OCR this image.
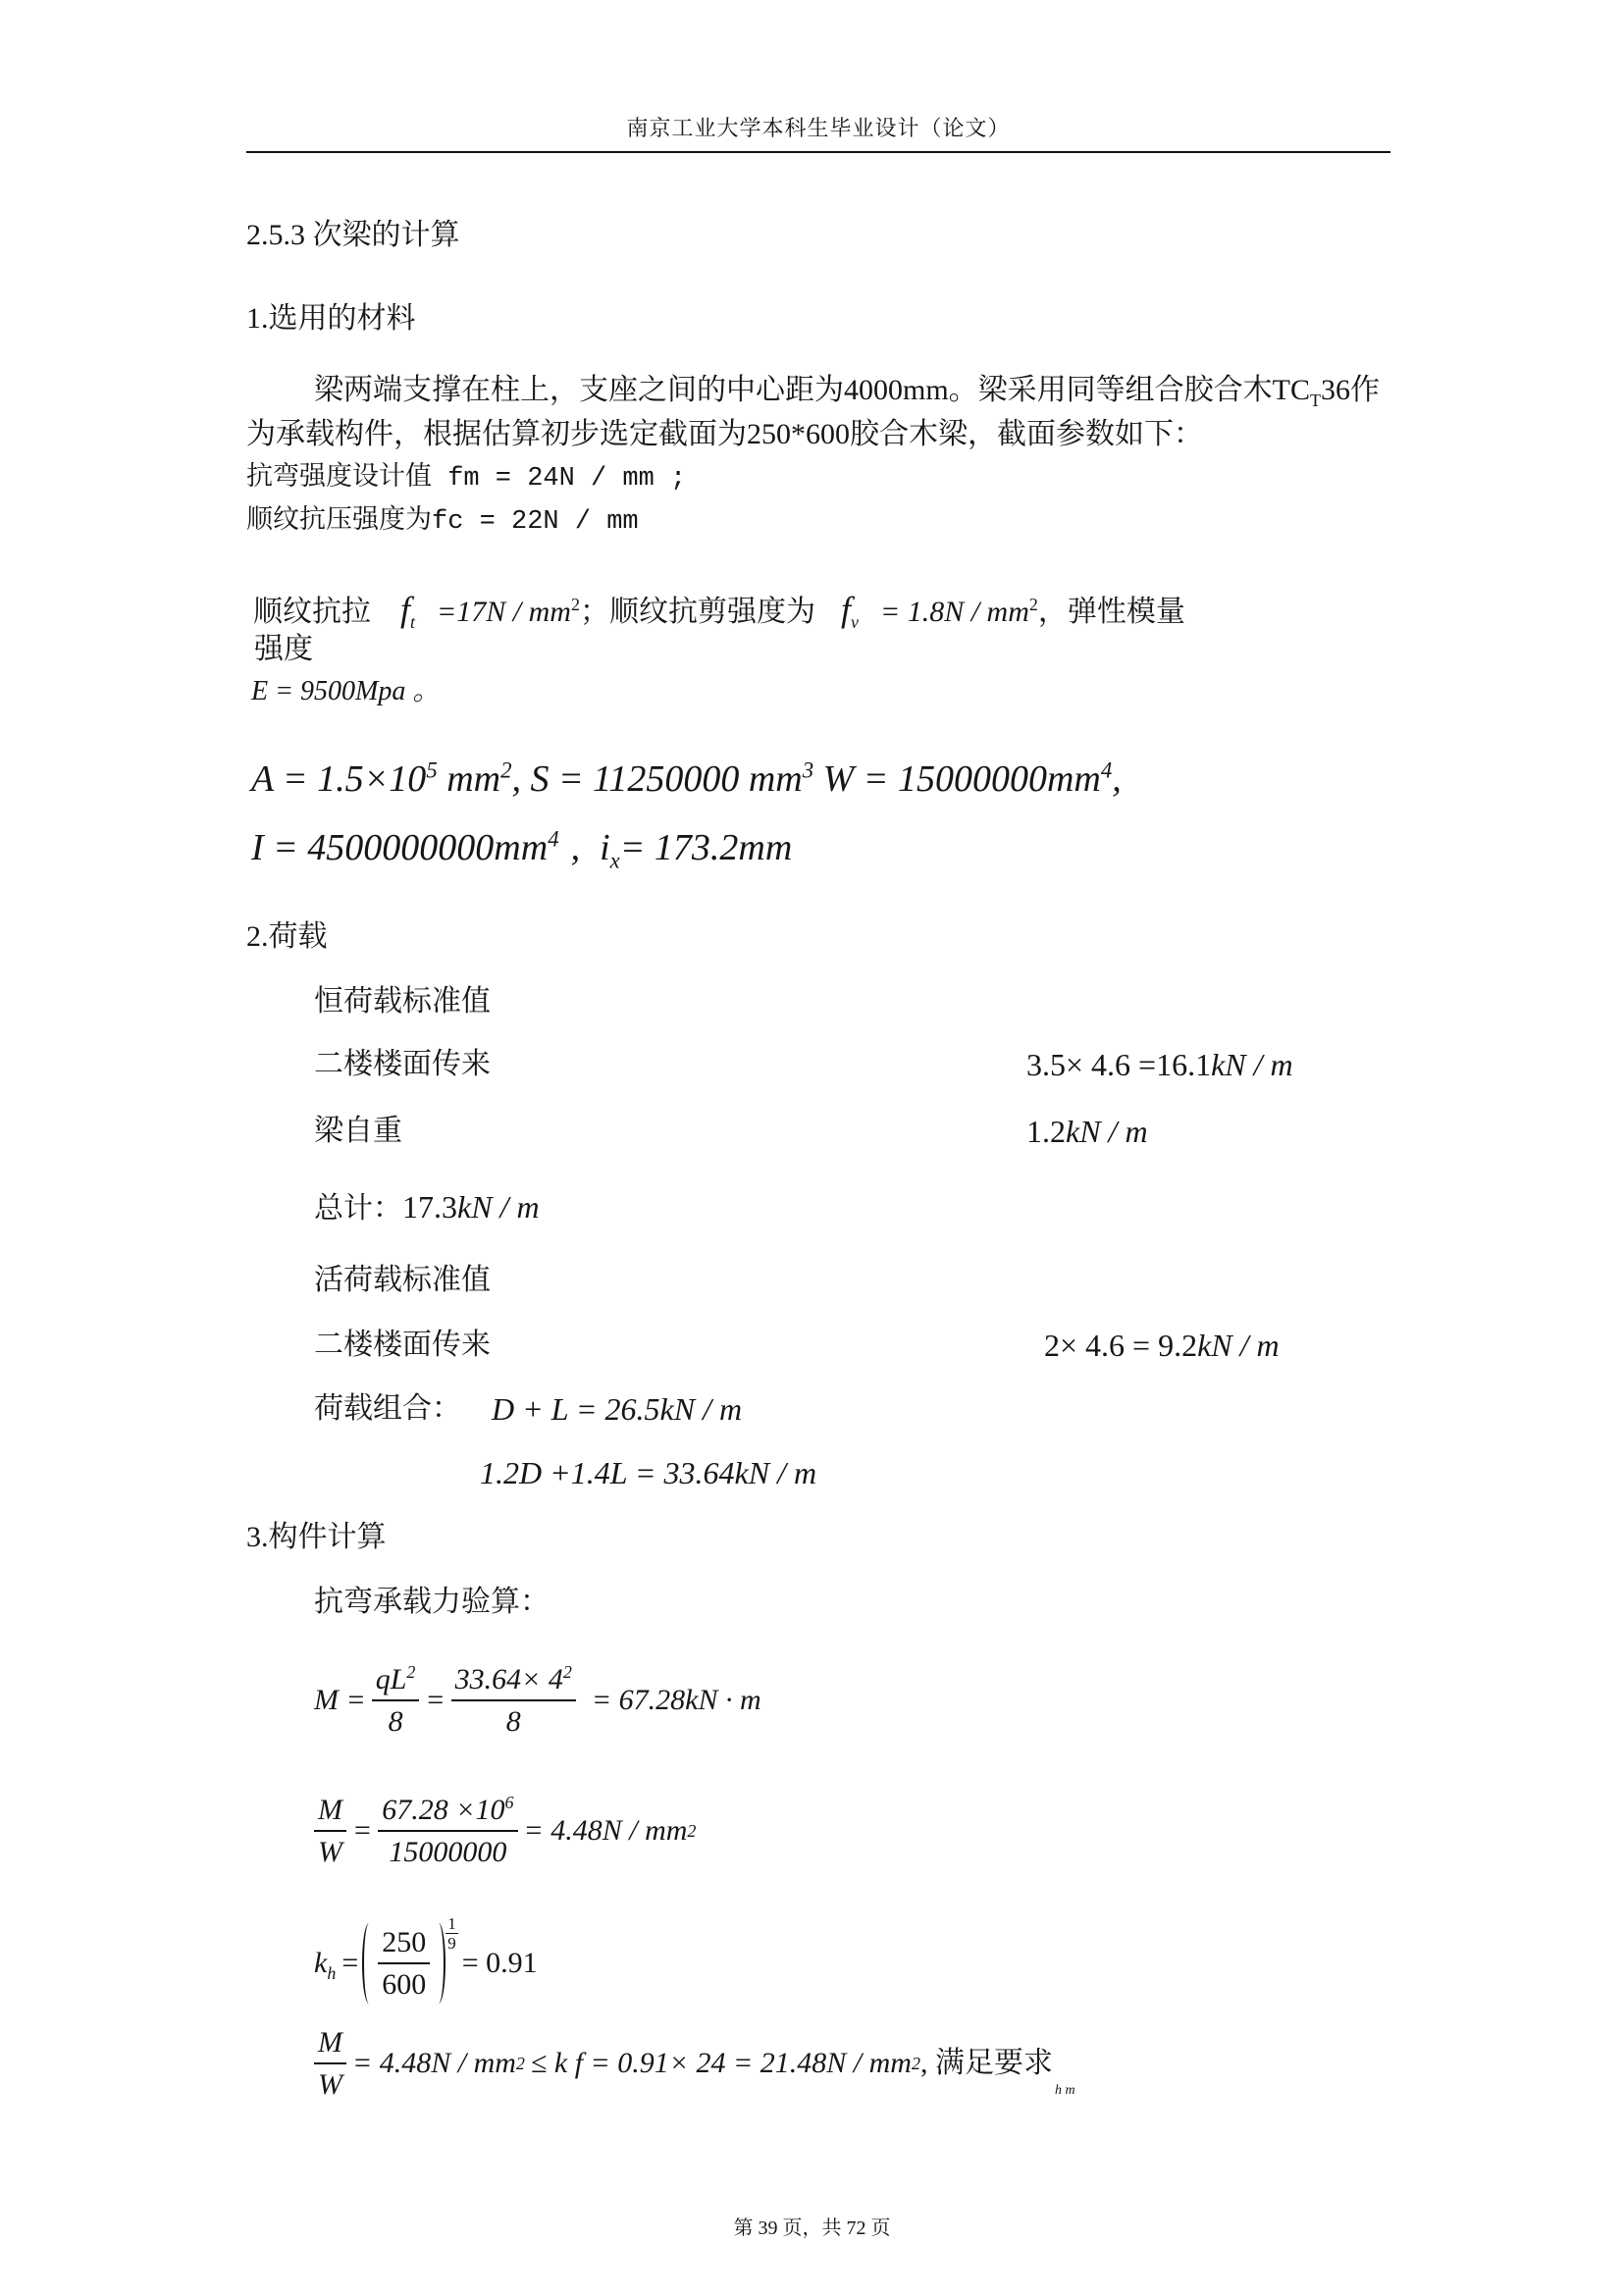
南京工业大学本科生毕业设计（论文）
2.5.3 次梁的计算
1.选用的材料
梁两端支撑在柱上，支座之间的中心距为4000mm。梁采用同等组合胶合木$TC_T36$作
为承载构件，根据估算初步选定截面为250*600胶合木梁，截面参数如下：
抗弯强度设计值 fm = 24N / mm ;
顺纹抗压强度为fc = 22N / mm
顺纹抗拉 $f_t =17N / mm^2$；顺纹抗剪强度为 $f_v = 1.8N / mm^2$，弹性模量
强度
E = 9500Mpa 。
$A = 1.5\times 10^5$ $mm^2$, S = 11250000 $mm^3$ $W = 15000000mm^4$,
$I = 4500000000mm^4$ , $i_x= 173.2mm$
2.荷载
恒荷载标准值
二楼楼面传来	3.5× 4.6 =16.1kN / m
梁自重	1.2kN / m
总计：17.3kN / m
活荷载标准值
二楼楼面传来	2× 4.6 = 9.2kN / m
荷载组合： D + L = 26.5kN / m
1.2D +1.4L = 33.64kN / m
3.构件计算
抗弯承载力验算：
$M = \frac{qL^2}{8} = \frac{33.64\times 4^2}{8} = 67.28kN \cdot m$
$\frac{M}{W} = \frac{67.28 \times 10^6}{15000000} = 4.48N$ / mm 2
$k_h = \frac{250}{600} \frac{1}{9}$
= 0.91
$\frac{M}{W} = 4.48N$ / mm 2 ≤ k f = 0.91× 24 = 21.48N / mm 2 , 满足要求
h m
第 39 页，共 72 页
